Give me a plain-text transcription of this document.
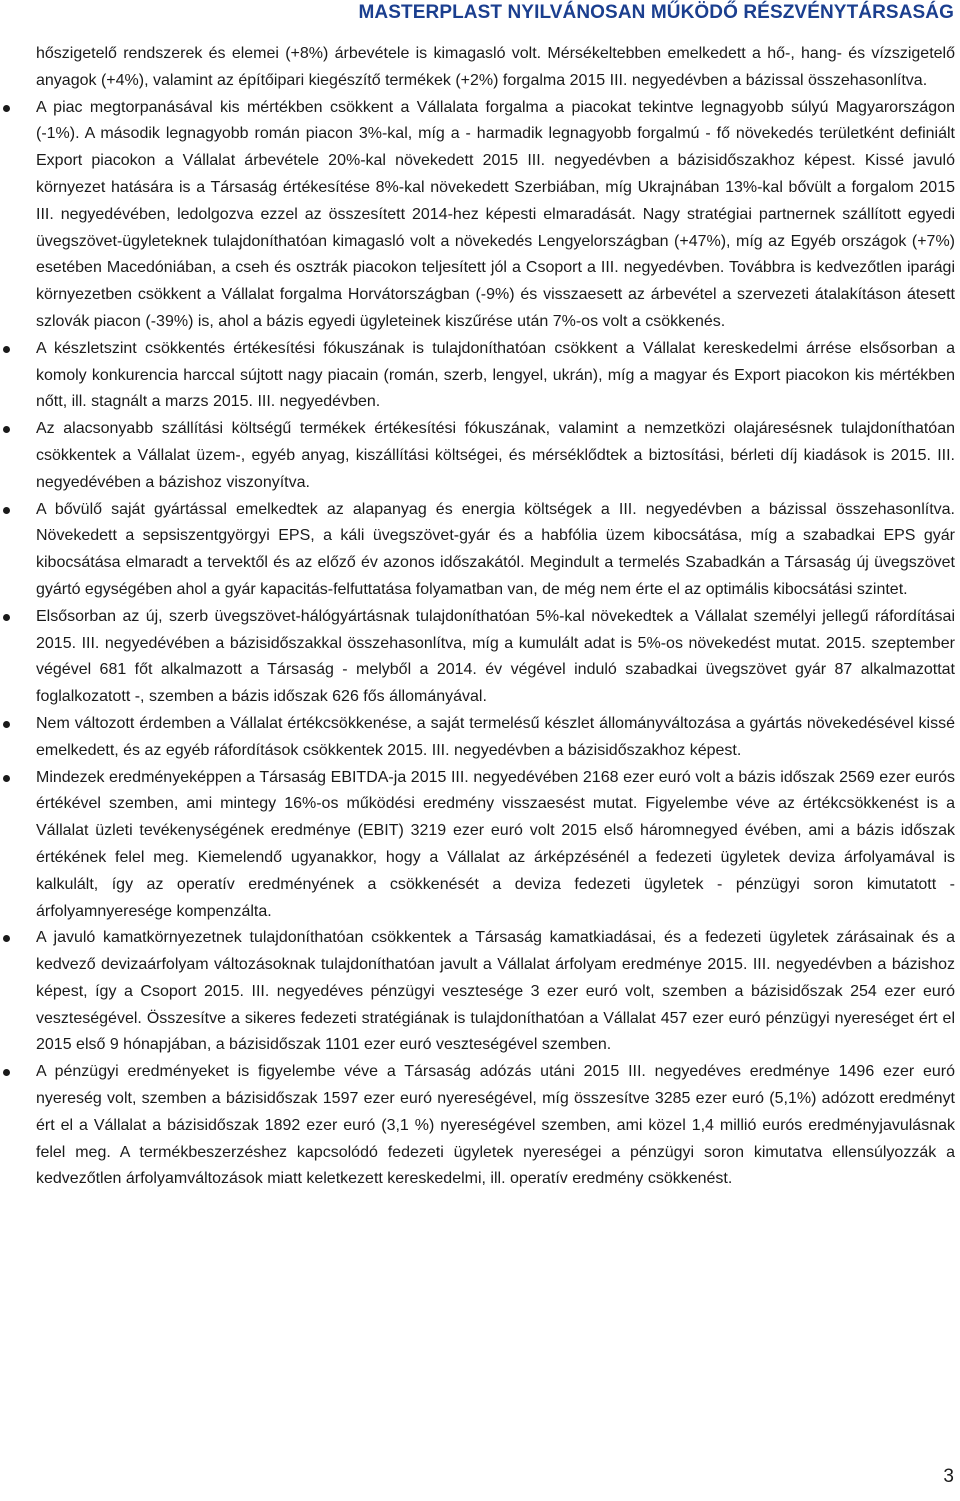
MASTERPLAST NYILVÁNOSAN MŰKÖDŐ RÉSZVÉNYTÁRSASÁG

hőszigetelő rendszerek és elemei (+8%) árbevétele is kimagasló volt. Mérsékeltebben emelkedett a hő-, hang- és vízszigetelő anyagok (+4%), valamint az építőipari kiegészítő termékek (+2%) forgalma 2015 III. negyedévben a bázissal összehasonlítva.

A piac megtorpanásával kis mértékben csökkent a Vállalata forgalma a piacokat tekintve legnagyobb súlyú Magyarországon (-1%). A második legnagyobb román piacon 3%-kal, míg a - harmadik legnagyobb forgalmú - fő növekedés területként definiált Export piacokon a Vállalat árbevétele 20%-kal növekedett 2015 III. negyedévben a bázisidőszakhoz képest. Kissé javuló környezet hatására is a Társaság értékesítése 8%-kal növekedett Szerbiában, míg Ukrajnában 13%-kal bővült a forgalom 2015 III. negyedévében, ledolgozva ezzel az összesített 2014-hez képesti elmaradását. Nagy stratégiai partnernek szállított egyedi üvegszövet-ügyleteknek tulajdoníthatóan kimagasló volt a növekedés Lengyelországban (+47%), míg az Egyéb országok (+7%) esetében Macedóniában, a cseh és osztrák piacokon teljesített jól a Csoport a III. negyedévben. Továbbra is kedvezőtlen iparági környezetben csökkent a Vállalat forgalma Horvátországban (-9%) és visszaesett az árbevétel a szervezeti átalakításon átesett szlovák piacon (-39%) is, ahol a bázis egyedi ügyleteinek kiszűrése után 7%-os volt a csökkenés.
A készletszint csökkentés értékesítési fókuszának is tulajdoníthatóan csökkent a Vállalat kereskedelmi árrése elsősorban a komoly konkurencia harccal sújtott nagy piacain (román, szerb, lengyel, ukrán), míg a magyar és Export piacokon kis mértékben nőtt, ill. stagnált a marzs 2015. III. negyedévben.
Az alacsonyabb szállítási költségű termékek értékesítési fókuszának, valamint a nemzetközi olajáresésnek tulajdoníthatóan csökkentek a Vállalat üzem-, egyéb anyag, kiszállítási költségei, és mérséklődtek a biztosítási, bérleti díj kiadások is 2015. III. negyedévében a bázishoz viszonyítva.
A bővülő saját gyártással emelkedtek az alapanyag és energia költségek a III. negyedévben a bázissal összehasonlítva. Növekedett a sepsiszentgyörgyi EPS, a káli üvegszövet-gyár és a habfólia üzem kibocsátása, míg a szabadkai EPS gyár kibocsátása elmaradt a tervektől és az előző év azonos időszakától. Megindult a termelés Szabadkán a Társaság új üvegszövet gyártó egységében ahol a gyár kapacitás-felfuttatása folyamatban van, de még nem érte el az optimális kibocsátási szintet.
Elsősorban az új, szerb üvegszövet-hálógyártásnak tulajdoníthatóan 5%-kal növekedtek a Vállalat személyi jellegű ráfordításai 2015. III. negyedévében a bázisidőszakkal összehasonlítva, míg a kumulált adat is 5%-os növekedést mutat. 2015. szeptember végével 681 főt alkalmazott a Társaság - melyből a 2014. év végével induló szabadkai üvegszövet gyár 87 alkalmazottat foglalkozatott -, szemben a bázis időszak 626 fős állományával.
Nem változott érdemben a Vállalat értékcsökkenése, a saját termelésű készlet állományváltozása a gyártás növekedésével kissé emelkedett, és az egyéb ráfordítások csökkentek 2015. III. negyedévben a bázisidőszakhoz képest.
Mindezek eredményeképpen a Társaság EBITDA-ja 2015 III. negyedévében 2168 ezer euró volt a bázis időszak 2569 ezer eurós értékével szemben, ami mintegy 16%-os működési eredmény visszaesést mutat. Figyelembe véve az értékcsökkenést is a Vállalat üzleti tevékenységének eredménye (EBIT) 3219 ezer euró volt 2015 első háromnegyed évében, ami a bázis időszak értékének felel meg. Kiemelendő ugyanakkor, hogy a Vállalat az árképzésénél a fedezeti ügyletek deviza árfolyamával is kalkulált, így az operatív eredményének a csökkenését a deviza fedezeti ügyletek - pénzügyi soron kimutatott - árfolyamnyeresége kompenzálta.
A javuló kamatkörnyezetnek tulajdoníthatóan csökkentek a Társaság kamatkiadásai, és a fedezeti ügyletek zárásainak és a kedvező devizaárfolyam változásoknak tulajdoníthatóan javult a Vállalat árfolyam eredménye 2015. III. negyedévben a bázishoz képest, így a Csoport 2015. III. negyedéves pénzügyi vesztesége 3 ezer euró volt, szemben a bázisidőszak 254 ezer euró veszteségével. Összesítve a sikeres fedezeti stratégiának is tulajdoníthatóan a Vállalat 457 ezer euró pénzügyi nyereséget ért el 2015 első 9 hónapjában, a bázisidőszak 1101 ezer euró veszteségével szemben.
A pénzügyi eredményeket is figyelembe véve a Társaság adózás utáni 2015 III. negyedéves eredménye 1496 ezer euró nyereség volt, szemben a bázisidőszak 1597 ezer euró nyereségével, míg összesítve 3285 ezer euró (5,1%) adózott eredményt ért el a Vállalat a bázisidőszak 1892 ezer euró (3,1 %) nyereségével szemben, ami közel 1,4 millió eurós eredményjavulásnak felel meg. A termékbeszerzéshez kapcsolódó fedezeti ügyletek nyereségei a pénzügyi soron kimutatva ellensúlyozzák a kedvezőtlen árfolyamváltozások miatt keletkezett kereskedelmi, ill. operatív eredmény csökkenést.
3
